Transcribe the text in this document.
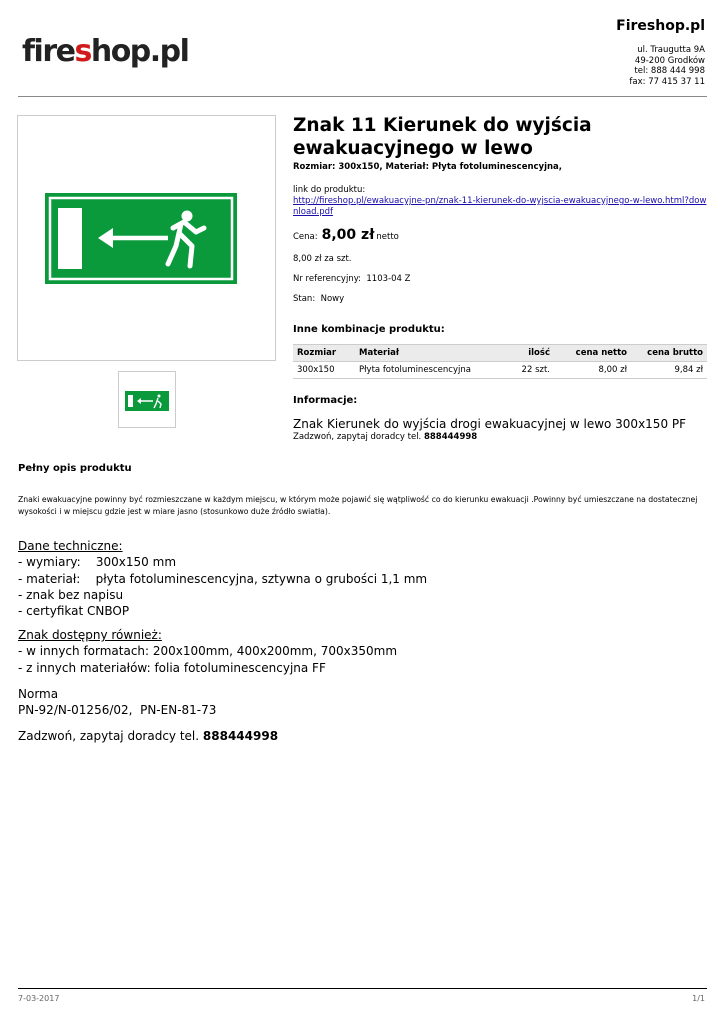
fireshop.pl
Fireshop.pl
ul. Traugutta 9A
49-200 Grodków
tel: 888 444 998
fax: 77 415 37 11
Znak 11 Kierunek do wyjścia ewakuacyjnego w lewo
Rozmiar: 300x150, Materiał: Płyta fotoluminescencyjna,
link do produktu:
http://fireshop.pl/ewakuacyjne-pn/znak-11-kierunek-do-wyjscia-ewakuacyjnego-w-lewo.html?download.pdf
Cena: 8,00 zł netto
8,00 zł za szt.
Nr referencyjny: 1103-04 Z
Stan: Nowy
Inne kombinacje produktu:
Rozmiar	Materiał	ilość	cena netto	cena brutto
300x150	Płyta fotoluminescencyjna	22 szt.	8,00 zł	9,84 zł
Informacje:
Znak Kierunek do wyjścia drogi ewakuacyjnej w lewo 300x150 PF
Zadzwoń, zapytaj doradcy tel. 888444998
Pełny opis produktu
Znaki ewakuacyjne powinny być rozmieszczane w każdym miejscu, w którym może pojawić się wątpliwość co do kierunku ewakuacji .Powinny być umieszczane na dostatecznej wysokości i w miejscu gdzie jest w miare jasno (stosunkowo duże źródło swiatła).
Dane techniczne:
- wymiary:    300x150 mm
- materiał:    płyta fotoluminescencyjna, sztywna o grubości 1,1 mm
- znak bez napisu
- certyfikat CNBOP
Znak dostępny również:
- w innych formatach: 200x100mm, 400x200mm, 700x350mm
- z innych materiałów: folia fotoluminescencyjna FF
Norma
PN-92/N-01256/02,  PN-EN-81-73
Zadzwoń, zapytaj doradcy tel. 888444998
7-03-2017	1/1
